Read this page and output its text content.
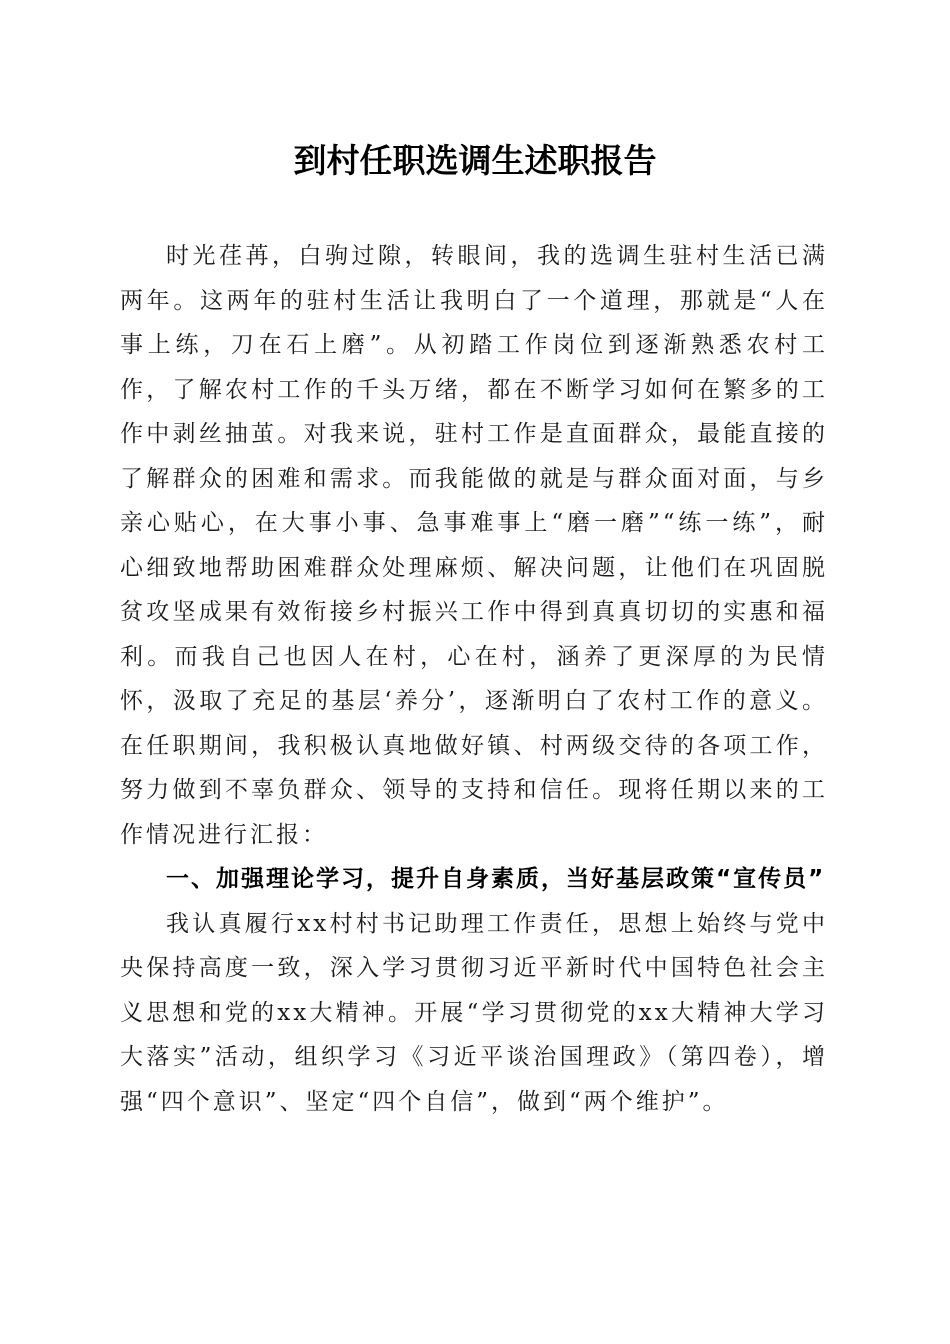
到村任职选调生述职报告

时光荏苒，白驹过隙，转眼间，我的选调生驻村生活已满两年。这两年的驻村生活让我明白了一个道理，那就是“人在事上练，刀在石上磨”。从初踏工作岗位到逐渐熟悉农村工作，了解农村工作的千头万绪，都在不断学习如何在繁多的工作中剥丝抽茧。对我来说，驻村工作是直面群众，最能直接的了解群众的困难和需求。而我能做的就是与群众面对面，与乡亲心贴心，在大事小事、急事难事上“磨一磨”“练一练”，耐心细致地帮助困难群众处理麻烦、解决问题，让他们在巩固脱贫攻坚成果有效衔接乡村振兴工作中得到真真切切的实惠和福利。而我自己也因人在村，心在村，涵养了更深厚的为民情怀，汲取了充足的基层‘养分’，逐渐明白了农村工作的意义。在任职期间，我积极认真地做好镇、村两级交待的各项工作，努力做到不辜负群众、领导的支持和信任。现将任期以来的工作情况进行汇报：

一、加强理论学习，提升自身素质，当好基层政策“宣传员”

我认真履行xx村村书记助理工作责任，思想上始终与党中央保持高度一致，深入学习贯彻习近平新时代中国特色社会主义思想和党的xx大精神。开展“学习贯彻党的xx大精神大学习大落实”活动，组织学习《习近平谈治国理政》（第四卷），增强“四个意识”、坚定“四个自信”，做到“两个维护”。
